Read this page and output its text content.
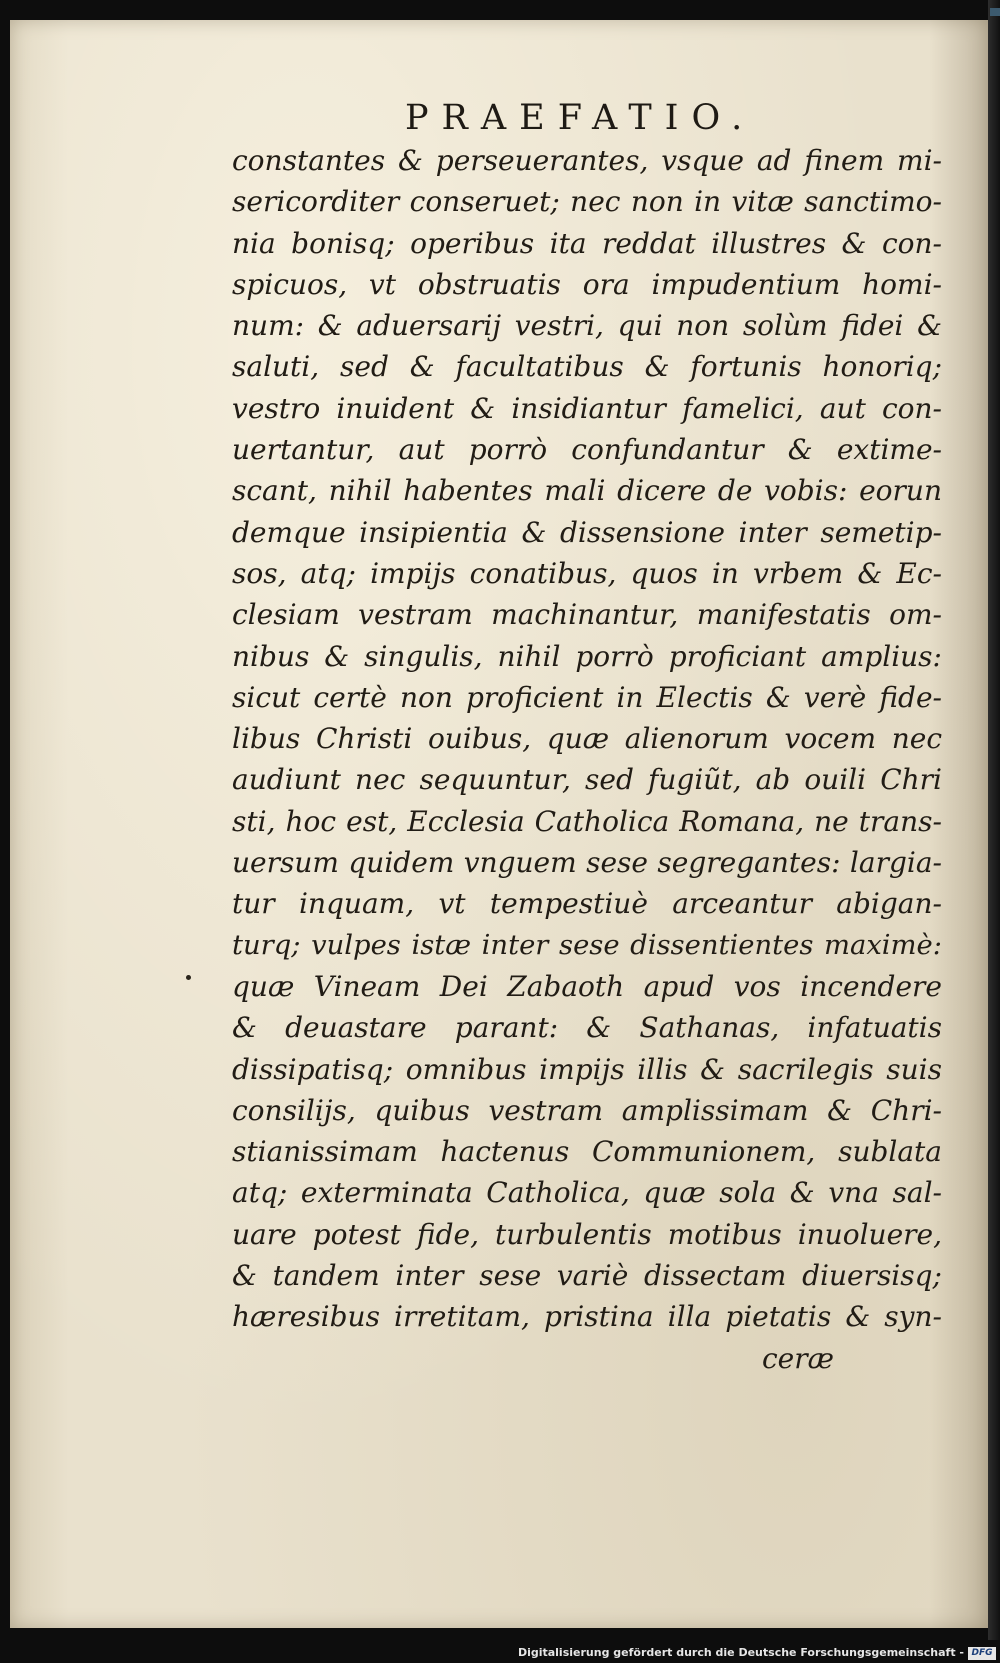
PRAEFATIO.
constantes & perseuerantes, vsque ad finem mi-
sericorditer conseruet; nec non in vitæ sanctimo-
nia bonisq; operibus ita reddat illustres & con-
spicuos, vt obstruatis ora impudentium homi-
num: & aduersarij vestri, qui non solùm fidei &
saluti, sed & facultatibus & fortunis honoriq;
vestro inuident & insidiantur famelici, aut con-
uertantur, aut porrò confundantur & extime-
scant, nihil habentes mali dicere de vobis: eorun
demque insipientia & dissensione inter semetip-
sos, atq; impijs conatibus, quos in vrbem & Ec-
clesiam vestram machinantur, manifestatis om-
nibus & singulis, nihil porrò proficiant amplius:
sicut certè non proficient in Electis & verè fide-
libus Christi ouibus, quæ alienorum vocem nec
audiunt nec sequuntur, sed fugiũt, ab ouili Chri
sti, hoc est, Ecclesia Catholica Romana, ne trans-
uersum quidem vnguem sese segregantes: largia-
tur inquam, vt tempestiuè arceantur abigan-
turq; vulpes istæ inter sese dissentientes maximè:
quæ Vineam Dei Zabaoth apud vos incendere
& deuastare parant: & Sathanas, infatuatis
dissipatisq; omnibus impijs illis & sacrilegis suis
consilijs, quibus vestram amplissimam & Chri-
stianissimam hactenus Communionem, sublata
atq; exterminata Catholica, quæ sola & vna sal-
uare potest fide, turbulentis motibus inuoluere,
& tandem inter sese variè dissectam diuersisq;
hæresibus irretitam, pristina illa pietatis & syn-
ceræ
Digitalisierung gefördert durch die Deutsche Forschungsgemeinschaft - DFG
